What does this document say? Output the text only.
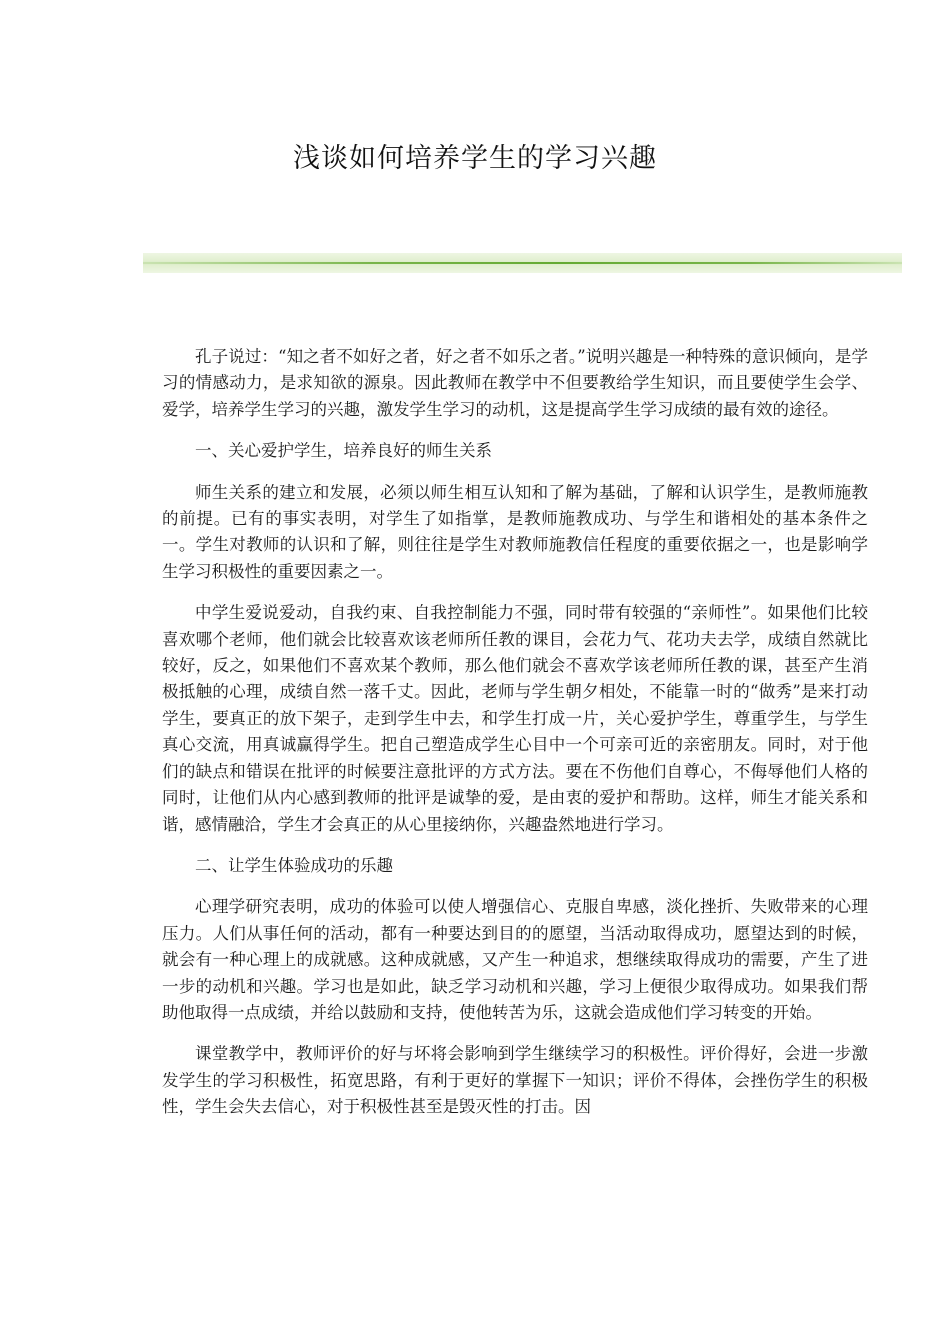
浅谈如何培养学生的学习兴趣

孔子说过：“知之者不如好之者，好之者不如乐之者。”说明兴趣是一种特殊的意识倾向，是学习的情感动力，是求知欲的源泉。因此教师在教学中不但要教给学生知识，而且要使学生会学、爱学，培养学生学习的兴趣，激发学生学习的动机，这是提高学生学习成绩的最有效的途径。

一、关心爱护学生，培养良好的师生关系

师生关系的建立和发展，必须以师生相互认知和了解为基础，了解和认识学生，是教师施教的前提。已有的事实表明，对学生了如指掌，是教师施教成功、与学生和谐相处的基本条件之一。学生对教师的认识和了解，则往往是学生对教师施教信任程度的重要依据之一，也是影响学生学习积极性的重要因素之一。

中学生爱说爱动，自我约束、自我控制能力不强，同时带有较强的“亲师性”。如果他们比较喜欢哪个老师，他们就会比较喜欢该老师所任教的课目，会花力气、花功夫去学，成绩自然就比较好，反之，如果他们不喜欢某个教师，那么他们就会不喜欢学该老师所任教的课，甚至产生消极抵触的心理，成绩自然一落千丈。因此，老师与学生朝夕相处，不能靠一时的“做秀”是来打动学生，要真正的放下架子，走到学生中去，和学生打成一片，关心爱护学生，尊重学生，与学生真心交流，用真诚赢得学生。把自己塑造成学生心目中一个可亲可近的亲密朋友。同时，对于他们的缺点和错误在批评的时候要注意批评的方式方法。要在不伤他们自尊心，不侮辱他们人格的同时，让他们从内心感到教师的批评是诚挚的爱，是由衷的爱护和帮助。这样，师生才能关系和谐，感情融洽，学生才会真正的从心里接纳你，兴趣盎然地进行学习。

二、让学生体验成功的乐趣

心理学研究表明，成功的体验可以使人增强信心、克服自卑感，淡化挫折、失败带来的心理压力。人们从事任何的活动，都有一种要达到目的的愿望，当活动取得成功，愿望达到的时候，就会有一种心理上的成就感。这种成就感，又产生一种追求，想继续取得成功的需要，产生了进一步的动机和兴趣。学习也是如此，缺乏学习动机和兴趣，学习上便很少取得成功。如果我们帮助他取得一点成绩，并给以鼓励和支持，使他转苦为乐，这就会造成他们学习转变的开始。

课堂教学中，教师评价的好与坏将会影响到学生继续学习的积极性。评价得好，会进一步激发学生的学习积极性，拓宽思路，有利于更好的掌握下一知识；评价不得体，会挫伤学生的积极性，学生会失去信心，对于积极性甚至是毁灭性的打击。因
